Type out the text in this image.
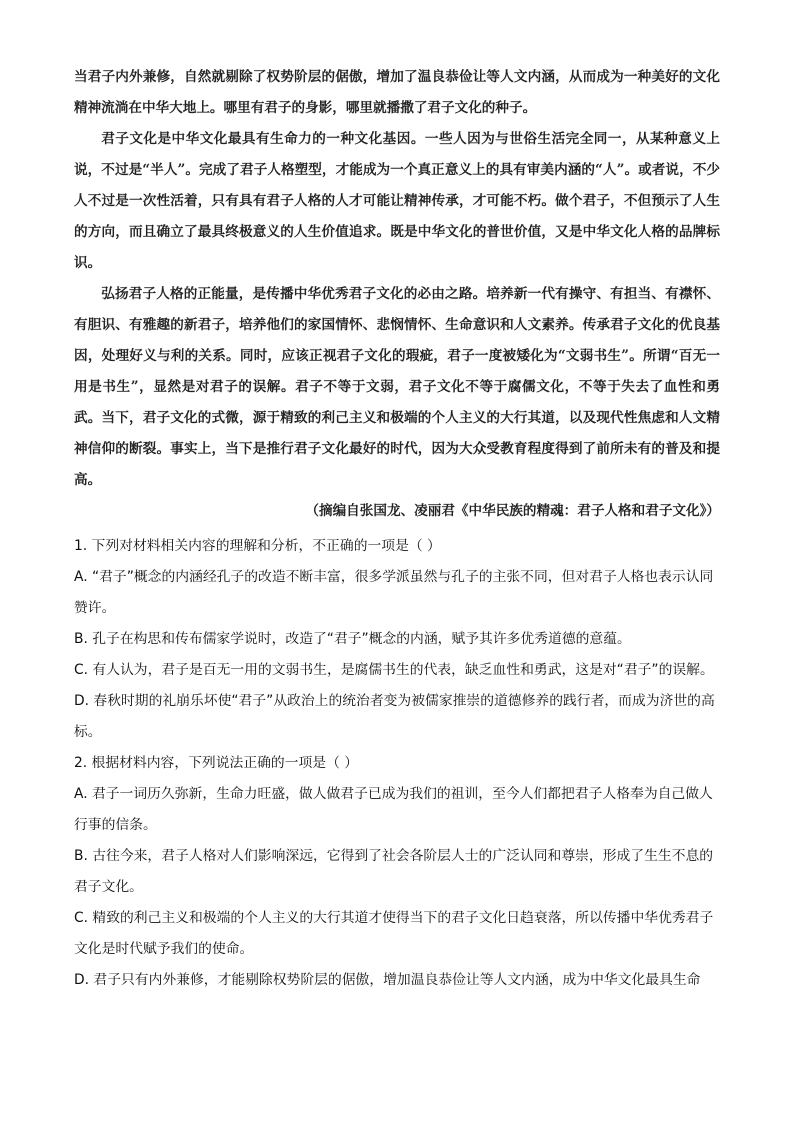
当君子内外兼修，自然就剔除了权势阶层的倨傲，增加了温良恭俭让等人文内涵，从而成为一种美好的文化精神流淌在中华大地上。哪里有君子的身影，哪里就播撒了君子文化的种子。

君子文化是中华文化最具有生命力的一种文化基因。一些人因为与世俗生活完全同一，从某种意义上说，不过是“半人”。完成了君子人格塑型，才能成为一个真正意义上的具有审美内涵的“人”。或者说，不少人不过是一次性活着，只有具有君子人格的人才可能让精神传承，才可能不朽。做个君子，不但预示了人生的方向，而且确立了最具终极意义的人生价值追求。既是中华文化的普世价值，又是中华文化人格的品牌标识。

弘扬君子人格的正能量，是传播中华优秀君子文化的必由之路。培养新一代有操守、有担当、有襟怀、有胆识、有雅趣的新君子，培养他们的家国情怀、悲悯情怀、生命意识和人文素养。传承君子文化的优良基因，处理好义与利的关系。同时，应该正视君子文化的瑕疵，君子一度被矮化为“文弱书生”。所谓“百无一用是书生”，显然是对君子的误解。君子不等于文弱，君子文化不等于腐儒文化，不等于失去了血性和勇武。当下，君子文化的式微，源于精致的利己主义和极端的个人主义的大行其道，以及现代性焦虑和人文精神信仰的断裂。事实上，当下是推行君子文化最好的时代，因为大众受教育程度得到了前所未有的普及和提高。

（摘编自张国龙、凌丽君《中华民族的精魂：君子人格和君子文化》）

1. 下列对材料相关内容的理解和分析，不正确的一项是（ ）

A. “君子”概念的内涵经孔子的改造不断丰富，很多学派虽然与孔子的主张不同，但对君子人格也表示认同赞许。

B. 孔子在构思和传布儒家学说时，改造了“君子”概念的内涵，赋予其许多优秀道德的意蕴。

C. 有人认为，君子是百无一用的文弱书生，是腐儒书生的代表，缺乏血性和勇武，这是对“君子”的误解。

D. 春秋时期的礼崩乐坏使“君子”从政治上的统治者变为被儒家推崇的道德修养的践行者，而成为济世的高标。

2. 根据材料内容，下列说法正确的一项是（ ）

A. 君子一词历久弥新，生命力旺盛，做人做君子已成为我们的祖训，至今人们都把君子人格奉为自己做人行事的信条。

B. 古往今来，君子人格对人们影响深远，它得到了社会各阶层人士的广泛认同和尊崇，形成了生生不息的君子文化。

C. 精致的利己主义和极端的个人主义的大行其道才使得当下的君子文化日趋衰落，所以传播中华优秀君子文化是时代赋予我们的使命。

D. 君子只有内外兼修，才能剔除权势阶层的倨傲，增加温良恭俭让等人文内涵，成为中华文化最具生命
